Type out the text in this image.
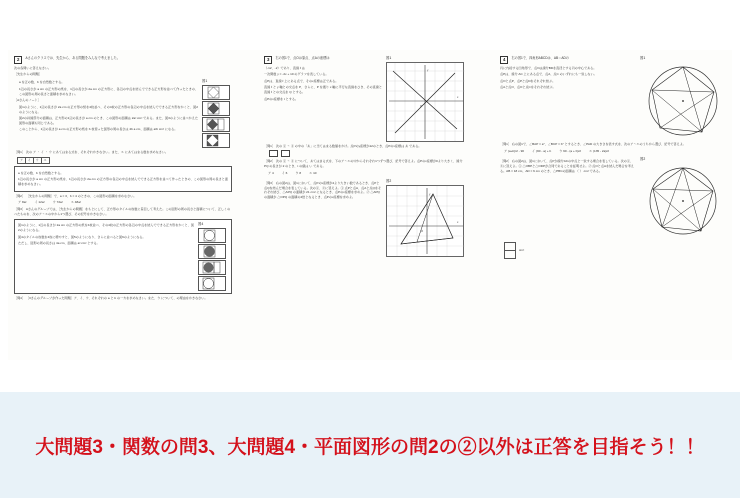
2	Aさんのクラスでは、先生から、ある問題をみんなで考えました。
次の各問いに答えなさい。
［先生からの問題］
a を正の数、b を自然数とする。
1辺の長さが a cm の正方形の紙を、1辺の長さが 2a cm の正方形に、各辺の中点を結んでできる正方形を並べて作ったときの、この図形の周の長さと面積を求めなさい。
［Aさんのノート］
図1のように、1辺の長さが 2a cm の正方形の紙を4枚並べ、その4枚の正方形の各辺の中点を結んでできる正方形をかくと、図2のようになる。
図2の斜線部分の面積は、正方形の1辺の長さが a cm のとき、この図形の面積は 2a² cm² である。また、図3のように並べかえた図形の面積も同じである。
このことから、1辺の長さが a cm の正方形の紙を b 枚使った図形の周の長さは 4b a cm、面積は a²b cm² になる。
図1
［問1］ 次の ア ・ イ ・ ウ にあてはまる式を、それぞれかきなさい。また、エ にあてはまる数を求めなさい。
ア	イ	ウ	エ
a を正の数、b を自然数とする。
1辺の長さが a cm の正方形の紙を、1辺の長さが 2a cm の正方形の各辺の中点を結んでできる正方形を並べて作ったときの、この図形の周の長さと面積を求めなさい。
［問2］ ［先生からの問題］で、a = 3、b = 4 のときの、この図形の面積を求めなさい。
ア 8a²	イ 12a²	ウ 72a²	エ 48a²
［問3］ Aさんのグループでは、［先生からの問題］をもとにして、正方形のタイルの枚数に着目して考えた。この図形の周の長さと面積について、正しくのべたものを、次のア～エの中から1つ選び、その記号をかきなさい。
図1のように、1辺の長さが 2a cm の正方形の紙を4枚並べ、その4枚の正方形の各辺の中点を結んでできる正方形をかくと、図2のようになる。
図4のタイルの枚数を4枚に増やすと、図5のようになり、さらに並べると図6のようになる。
ただし、図形の周の長さは 4a cm、面積は a² cm² とする。
図4
［問4］ ［3さんのグループが作った問題］ア、イ、ウ、それぞれの a と b の一方を求めなさい。また、ウ について、の理由をかきなさい。
3	右の図1で、点Oは原点、点Aの座標は
（-12、-2）であり、直線 ℓ は
一次関数 y = -2x + 10 のグラフを表している。
点Pは、直線 ℓ 上にある点で、そのx座標は正である。
直線 ℓ と y 軸との交点を P、さらに、P を通り x 軸に平行な直線をひき、その直線と直線 ℓ との交点を Q とする。
点Pのx座標を t とする。
図1
x
y
O
［問1］ 次の ① ～ ③ の中の「あ」に当てはまる数値をかけ。点Pのy座標が12のとき、点Pのx座標は あ である。

［問2］ 次の ① ～ ③ について、あてはまる式を、下のア～エの中からそれぞれ1つずつ選び、記号で答えよ。点Pのx座標が0より大きく、線分 PQ の長さが 2 のとき、t の値は い である。
ア 4	イ 6	ウ 8	エ 10
［問3］ 右の図2は、図1において、点Pのx座標が4より大きい数であるとき、点Pと点Qを結んだ場合を表している。次の①、②に答えよ。① 点Pと点A、点Aと点Qをそれぞれ結び、△APQ の面積が 21 cm² になるとき、点Pのx座標を求めよ。② △APQ の面積が △OPQ の面積の2倍となるとき、点Pのx座標を求めよ。
図2
x
y
O
4	右の図1で、四角形ABCDは、AB＝ADの
円に内接する四角形で、点Oは線分BDを直径とする円の中心である。
点Pは、線分 AC 上にある点で、点A、点C のいずれにも一致しない。
点Oと点P、点Pと点Dをそれぞれ結ぶ。
点Aと点O、点Oと点Cをそれぞれ結ぶ。
図1
［問1］ 右の図1で、∠BAP = a°、∠BCP = b° とするとき、∠PAD の大きさを表す式を、次のア～エのうちから選び、記号で答えよ。
ア (a+b)/2 - 90	イ (90 - a) + b	ウ 90 - (a + b)/2	エ (135 - 2a)/2
［問2］ 右の図2は、図1において、点Pが線分ACの中点と一致する場合を表している。次の①、②に答えよ。① △OBPと△ODPが合同であることを証明せよ。② 点Oと点Aを結んだ場合を考える。AB = 18 cm、AD = 6 cm のとき、△PBCの面積は （ ） cm² である。
図2

cm²
大問題3・関数の問3、大問題4・平面図形の問2の②以外は正答を目指そう！！
